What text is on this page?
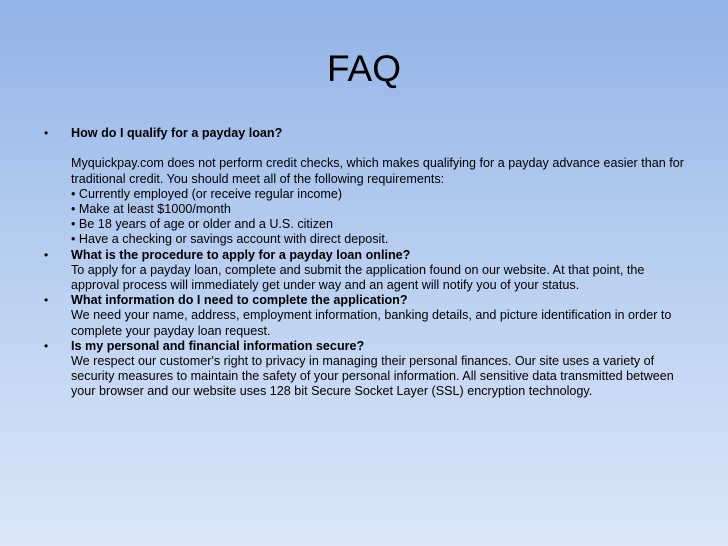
FAQ
•	How do I qualify for a payday loan?
Myquickpay.com does not perform credit checks, which makes qualifying for a payday advance easier than for traditional credit. You should meet all of the following requirements:
• Currently employed (or receive regular income)
• Make at least $1000/month
• Be 18 years of age or older and a U.S. citizen
• Have a checking or savings account with direct deposit.
•	What is the procedure to apply for a payday loan online?
To apply for a payday loan, complete and submit the application found on our website. At that point, the approval process will immediately get under way and an agent will notify you of your status.
•	What information do I need to complete the application?
We need your name, address, employment information, banking details, and picture identification in order to complete your payday loan request.
•	Is my personal and financial information secure?
We respect our customer's right to privacy in managing their personal finances. Our site uses a variety of security measures to maintain the safety of your personal information. All sensitive data transmitted between your browser and our website uses 128 bit Secure Socket Layer (SSL) encryption technology.
